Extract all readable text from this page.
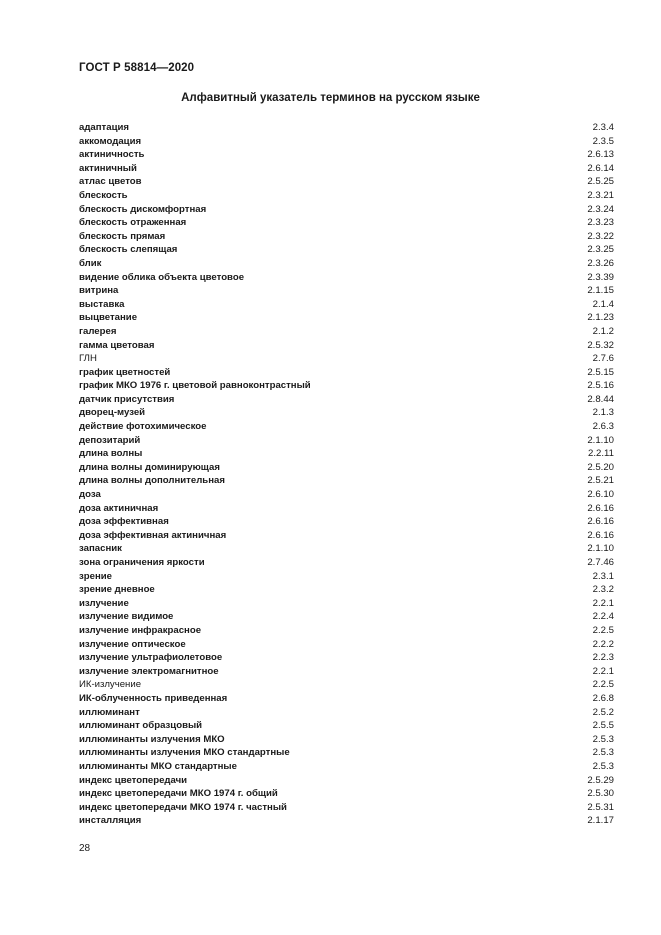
ГОСТ Р 58814—2020
Алфавитный указатель терминов на русском языке
адаптация	2.3.4
аккомодация	2.3.5
актиничность	2.6.13
актиничный	2.6.14
атлас цветов	2.5.25
блескость	2.3.21
блескость дискомфортная	2.3.24
блескость отраженная	2.3.23
блескость прямая	2.3.22
блескость слепящая	2.3.25
блик	2.3.26
видение облика объекта цветовое	2.3.39
витрина	2.1.15
выставка	2.1.4
выцветание	2.1.23
галерея	2.1.2
гамма цветовая	2.5.32
ГЛН	2.7.6
график цветностей	2.5.15
график МКО 1976 г. цветовой равноконтрастный	2.5.16
датчик присутствия	2.8.44
дворец-музей	2.1.3
действие фотохимическое	2.6.3
депозитарий	2.1.10
длина волны	2.2.11
длина волны доминирующая	2.5.20
длина волны дополнительная	2.5.21
доза	2.6.10
доза актиничная	2.6.16
доза эффективная	2.6.16
доза эффективная актиничная	2.6.16
запасник	2.1.10
зона ограничения яркости	2.7.46
зрение	2.3.1
зрение дневное	2.3.2
излучение	2.2.1
излучение видимое	2.2.4
излучение инфракрасное	2.2.5
излучение оптическое	2.2.2
излучение ультрафиолетовое	2.2.3
излучение электромагнитное	2.2.1
ИК-излучение	2.2.5
ИК-облученность приведенная	2.6.8
иллюминант	2.5.2
иллюминант образцовый	2.5.5
иллюминанты излучения МКО	2.5.3
иллюминанты излучения МКО стандартные	2.5.3
иллюминанты МКО стандартные	2.5.3
индекс цветопередачи	2.5.29
индекс цветопередачи МКО 1974 г. общий	2.5.30
индекс цветопередачи МКО 1974 г. частный	2.5.31
инсталляция	2.1.17
28
